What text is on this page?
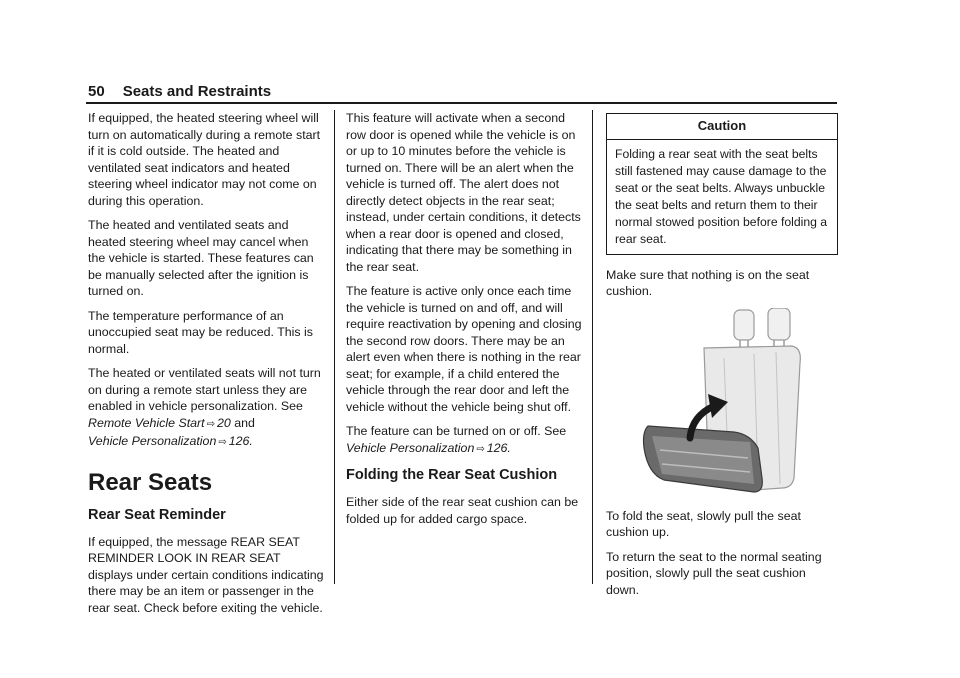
50 Seats and Restraints

If equipped, the heated steering wheel will turn on automatically during a remote start if it is cold outside. The heated and ventilated seat indicators and heated steering wheel indicator may not come on during this operation.

The heated and ventilated seats and heated steering wheel may cancel when the vehicle is started. These features can be manually selected after the ignition is turned on.

The temperature performance of an unoccupied seat may be reduced. This is normal.

The heated or ventilated seats will not turn on during a remote start unless they are enabled in vehicle personalization. See
Remote Vehicle Start ⇨ 20 and
Vehicle Personalization ⇨ 126.

Rear Seats
Rear Seat Reminder

If equipped, the message REAR SEAT REMINDER LOOK IN REAR SEAT displays under certain conditions indicating there may be an item or passenger in the rear seat. Check before exiting the vehicle.

This feature will activate when a second row door is opened while the vehicle is on or up to 10 minutes before the vehicle is turned on. There will be an alert when the vehicle is turned off. The alert does not directly detect objects in the rear seat; instead, under certain conditions, it detects when a rear door is opened and closed, indicating that there may be something in the rear seat.

The feature is active only once each time the vehicle is turned on and off, and will require reactivation by opening and closing the second row doors. There may be an alert even when there is nothing in the rear seat; for example, if a child entered the vehicle through the rear door and left the vehicle without the vehicle being shut off.

The feature can be turned on or off. See
Vehicle Personalization ⇨ 126.

Folding the Rear Seat Cushion

Either side of the rear seat cushion can be folded up for added cargo space.

Caution
Folding a rear seat with the seat belts still fastened may cause damage to the seat or the seat belts. Always unbuckle the seat belts and return them to their normal stowed position before folding a rear seat.

Make sure that nothing is on the seat cushion.

To fold the seat, slowly pull the seat cushion up.

To return the seat to the normal seating position, slowly pull the seat cushion down.
